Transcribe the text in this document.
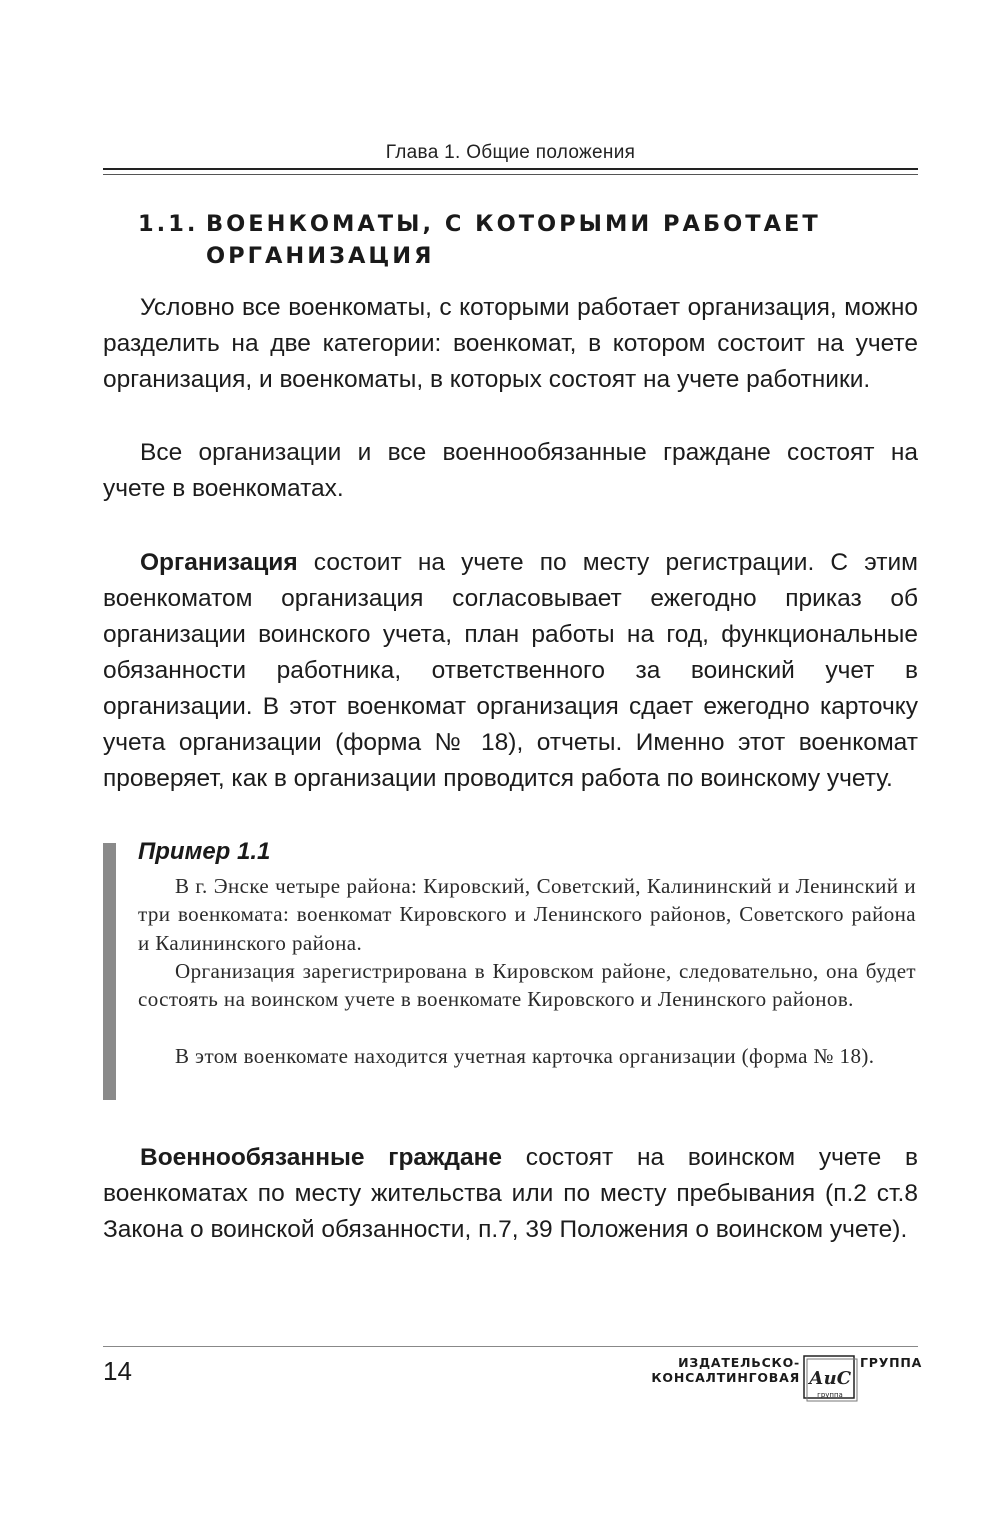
Глава 1. Общие положения
1.1. ВОЕНКОМАТЫ, С КОТОРЫМИ РАБОТАЕТ
ОРГАНИЗАЦИЯ

Условно все военкоматы, с которыми работает организация, можно разделить на две категории: военкомат, в котором состоит на учете организация, и военкоматы, в которых состоят на учете работники.

Все организации и все военнообязанные граждане состоят на учете в военкоматах.

Организация состоит на учете по месту регистрации. С этим военкоматом организация согласовывает ежегодно приказ об организации воинского учета, план работы на год, функциональные обязанности работника, ответственного за воинский учет в организации. В этот военкомат организация сдает ежегодно карточку учета организации (форма № 18), отчеты. Именно этот военкомат проверяет, как в организации проводится работа по воинскому учету.

Пример 1.1

В г. Энске четыре района: Кировский, Советский, Калининский и Ленинский и три военкомата: военкомат Кировского и Ленинского районов, Советского района и Калининского района.

Организация зарегистрирована в Кировском районе, следовательно, она будет состоять на воинском учете в военкомате Кировского и Ленинского районов.

В этом военкомате находится учетная карточка организации (форма № 18).

Военнообязанные граждане состоят на воинском учете в военкоматах по месту жительства или по месту пребывания (п.2 ст.8 Закона о воинской обязанности, п.7, 39 Положения о воинском учете).

14	ИЗДАТЕЛЬСКО-КОНСАЛТИНГОВАЯ АиС
группа
ГРУППА
